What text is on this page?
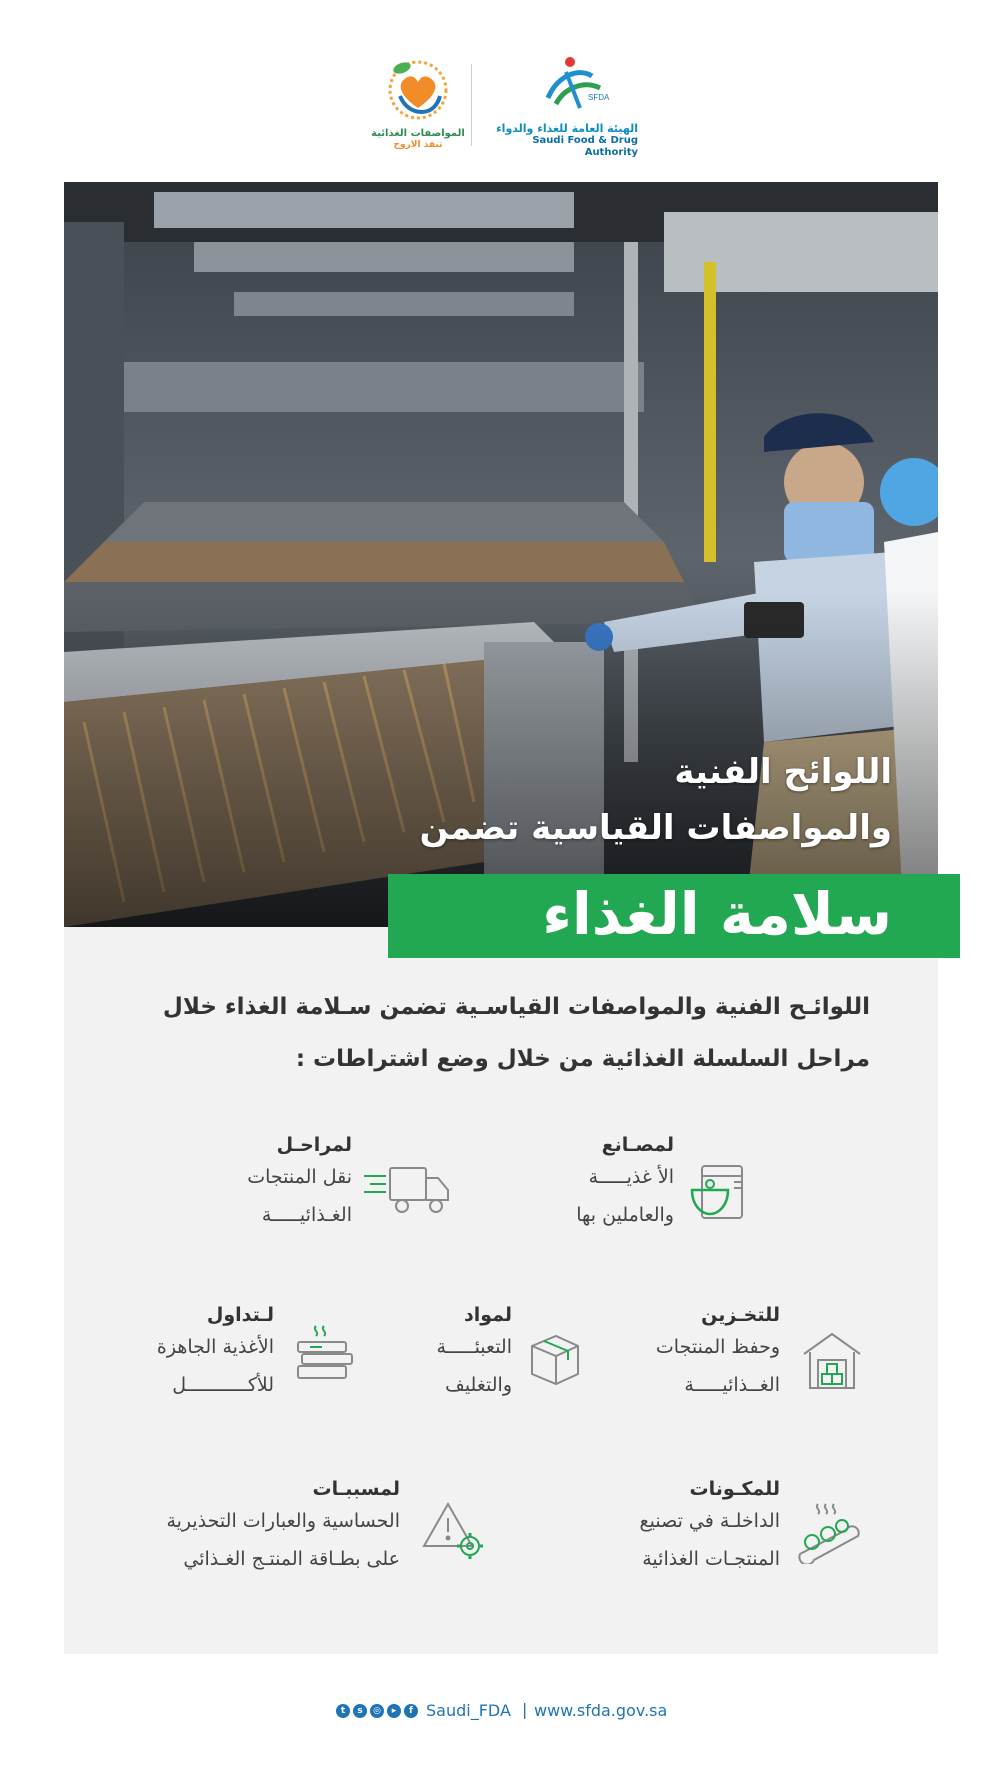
المواصفات الغذائية
تنفذ الاروح
SFDA
الهيئة العامة للغذاء والدواء
Saudi Food & Drug Authority
اللوائح الفنية
والمواصفات القياسية تضمن
سلامة الغذاء
اللوائـح الفنية والمواصفات القياسـية تضمن سـلامة الغذاء خلال
مراحل السلسلة الغذائية من خلال وضع اشتراطات :
لمصـانع
الأ غذيـــــة
والعاملين بها
لمراحـل
نقل المنتجات
الغـذائيـــــة
للتخـزين
وحفظ المنتجات
الغــذائيـــــة
لمواد
التعبئـــــة
والتغليف
لـتداول
الأغذية الجاهزة
للأكـــــــــــل
للمكـونات
الداخلـة في تصنيع
المنتجـات الغذائية
لمسببـات
الحساسية والعبارات التحذيرية
على بطـاقة المنتـج الغـذائي
t	s	◎	▸	f Saudi_FDA | www.sfda.gov.sa
